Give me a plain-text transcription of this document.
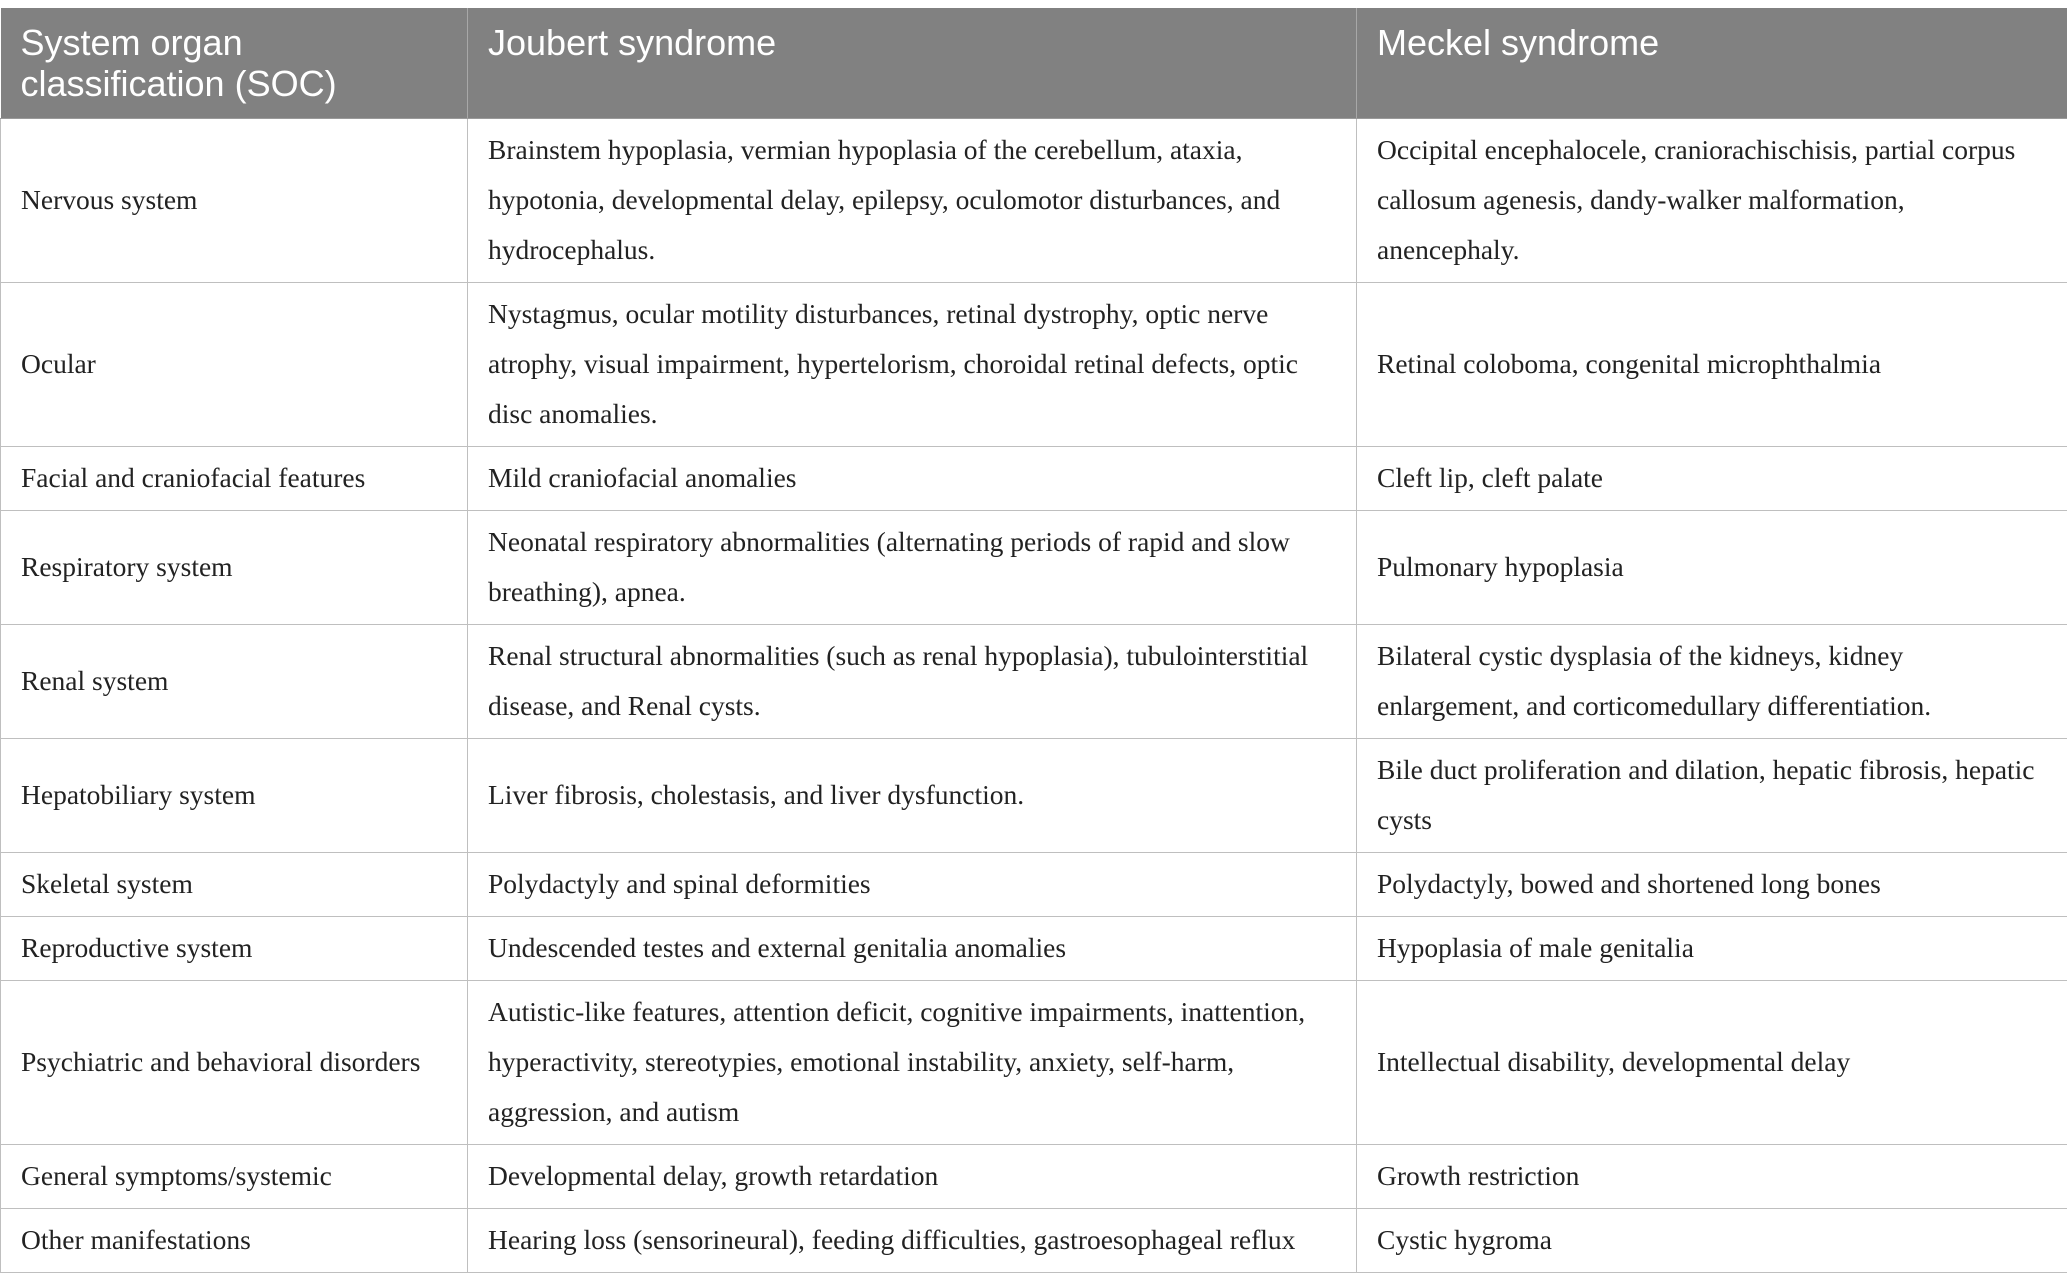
System organ classification (SOC)	Joubert syndrome	Meckel syndrome
Nervous system	Brainstem hypoplasia, vermian hypoplasia of the cerebellum, ataxia, hypotonia, developmental delay, epilepsy, oculomotor disturbances, and hydrocephalus.	Occipital encephalocele, craniorachischisis, partial corpus callosum agenesis, dandy-walker malformation, anencephaly.
Ocular	Nystagmus, ocular motility disturbances, retinal dystrophy, optic nerve atrophy, visual impairment, hypertelorism, choroidal retinal defects, optic disc anomalies.	Retinal coloboma, congenital microphthalmia
Facial and craniofacial features	Mild craniofacial anomalies	Cleft lip, cleft palate
Respiratory system	Neonatal respiratory abnormalities (alternating periods of rapid and slow breathing), apnea.	Pulmonary hypoplasia
Renal system	Renal structural abnormalities (such as renal hypoplasia), tubulointerstitial disease, and Renal cysts.	Bilateral cystic dysplasia of the kidneys, kidney enlargement, and corticomedullary differentiation.
Hepatobiliary system	Liver fibrosis, cholestasis, and liver dysfunction.	Bile duct proliferation and dilation, hepatic fibrosis, hepatic cysts
Skeletal system	Polydactyly and spinal deformities	Polydactyly, bowed and shortened long bones
Reproductive system	Undescended testes and external genitalia anomalies	Hypoplasia of male genitalia
Psychiatric and behavioral disorders	Autistic-like features, attention deficit, cognitive impairments, inattention, hyperactivity, stereotypies, emotional instability, anxiety, self-harm, aggression, and autism	Intellectual disability, developmental delay
General symptoms/systemic	Developmental delay, growth retardation	Growth restriction
Other manifestations	Hearing loss (sensorineural), feeding difficulties, gastroesophageal reflux	Cystic hygroma
